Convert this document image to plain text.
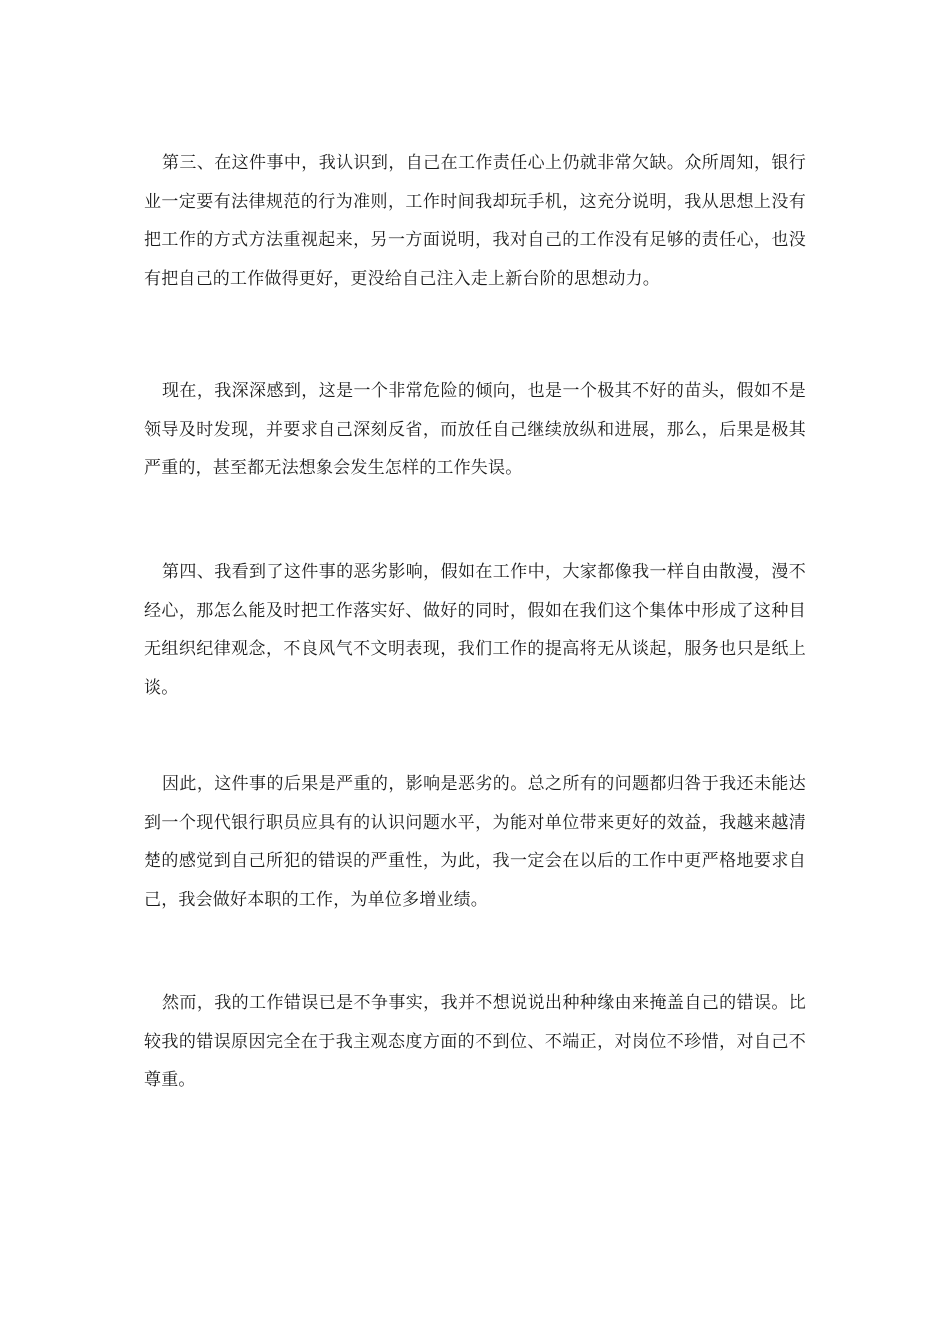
第三、在这件事中，我认识到，自己在工作责任心上仍就非常欠缺。众所周知，银行业一定要有法律规范的行为准则，工作时间我却玩手机，这充分说明，我从思想上没有把工作的方式方法重视起来，另一方面说明，我对自己的工作没有足够的责任心，也没有把自己的工作做得更好，更没给自己注入走上新台阶的思想动力。

现在，我深深感到，这是一个非常危险的倾向，也是一个极其不好的苗头，假如不是领导及时发现，并要求自己深刻反省，而放任自己继续放纵和进展，那么，后果是极其严重的，甚至都无法想象会发生怎样的工作失误。

第四、我看到了这件事的恶劣影响，假如在工作中，大家都像我一样自由散漫，漫不经心，那怎么能及时把工作落实好、做好的同时，假如在我们这个集体中形成了这种目无组织纪律观念，不良风气不文明表现，我们工作的提高将无从谈起，服务也只是纸上谈。

因此，这件事的后果是严重的，影响是恶劣的。总之所有的问题都归咎于我还未能达到一个现代银行职员应具有的认识问题水平，为能对单位带来更好的效益，我越来越清楚的感觉到自己所犯的错误的严重性，为此，我一定会在以后的工作中更严格地要求自己，我会做好本职的工作，为单位多增业绩。

然而，我的工作错误已是不争事实，我并不想说说出种种缘由来掩盖自己的错误。比较我的错误原因完全在于我主观态度方面的不到位、不端正，对岗位不珍惜，对自己不尊重。
